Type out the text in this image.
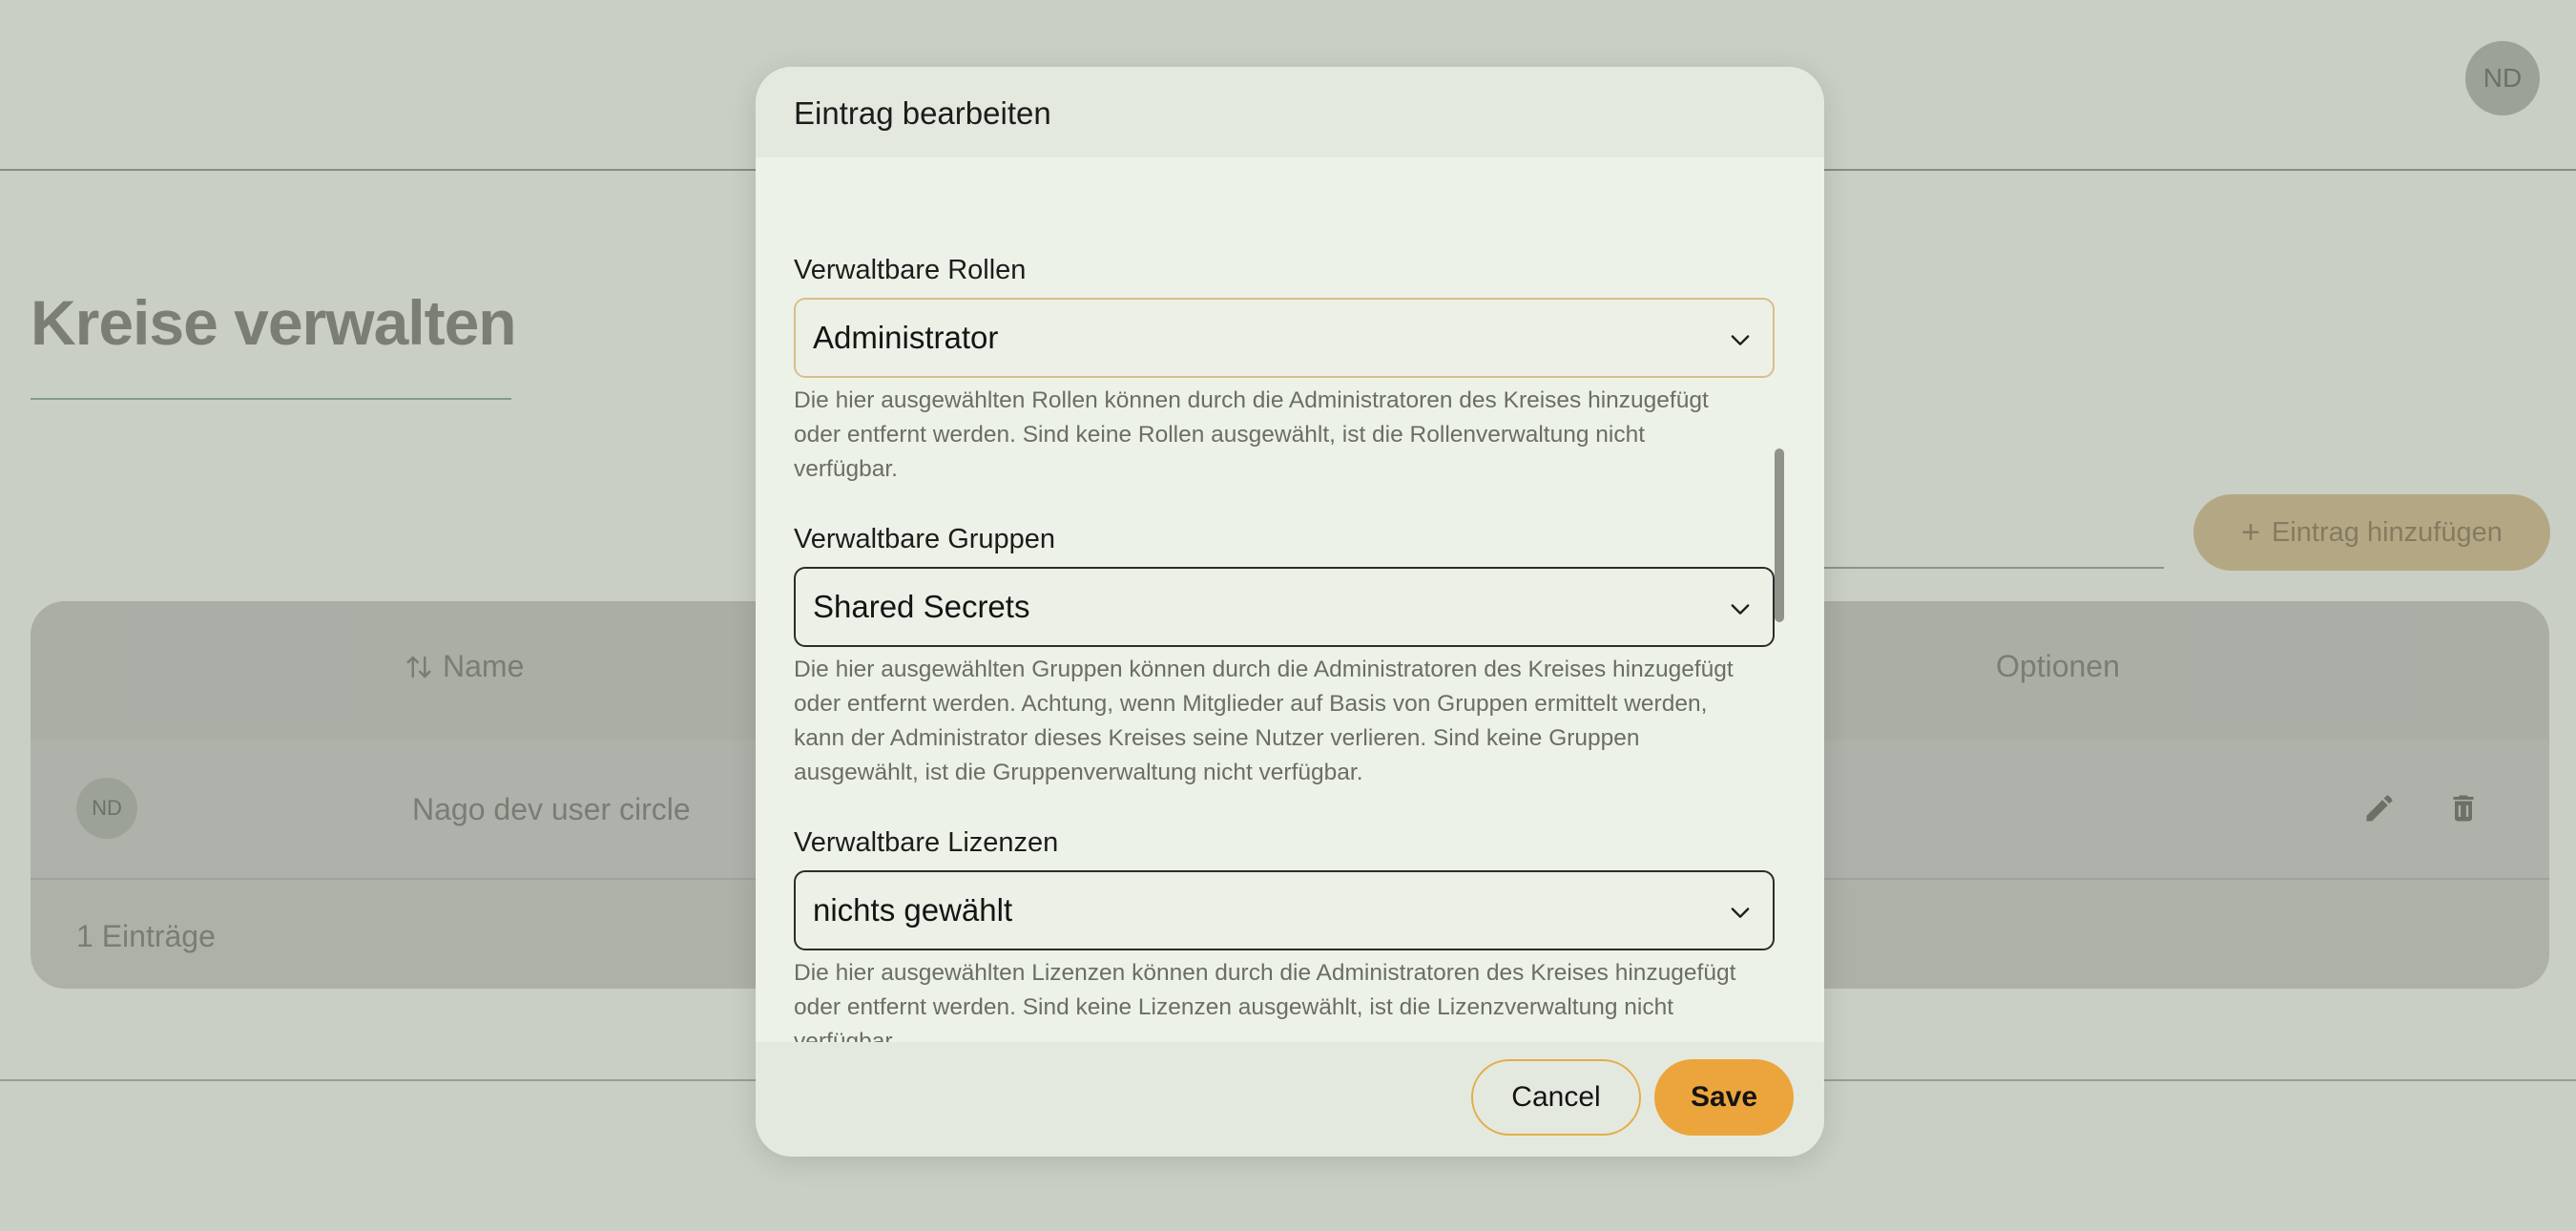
ND
Kreise verwalten
+ Eintrag hinzufügen
Name	Optionen
ND	Nago dev user circle
1 Einträge
Eintrag bearbeiten
Verwaltbare Rollen
Administrator
Die hier ausgewählten Rollen können durch die Administratoren des Kreises hinzugefügt
oder entfernt werden. Sind keine Rollen ausgewählt, ist die Rollenverwaltung nicht
verfügbar.
Verwaltbare Gruppen
Shared Secrets
Die hier ausgewählten Gruppen können durch die Administratoren des Kreises hinzugefügt
oder entfernt werden. Achtung, wenn Mitglieder auf Basis von Gruppen ermittelt werden,
kann der Administrator dieses Kreises seine Nutzer verlieren. Sind keine Gruppen
ausgewählt, ist die Gruppenverwaltung nicht verfügbar.
Verwaltbare Lizenzen
nichts gewählt
Die hier ausgewählten Lizenzen können durch die Administratoren des Kreises hinzugefügt
oder entfernt werden. Sind keine Lizenzen ausgewählt, ist die Lizenzverwaltung nicht
Cancel	Save
